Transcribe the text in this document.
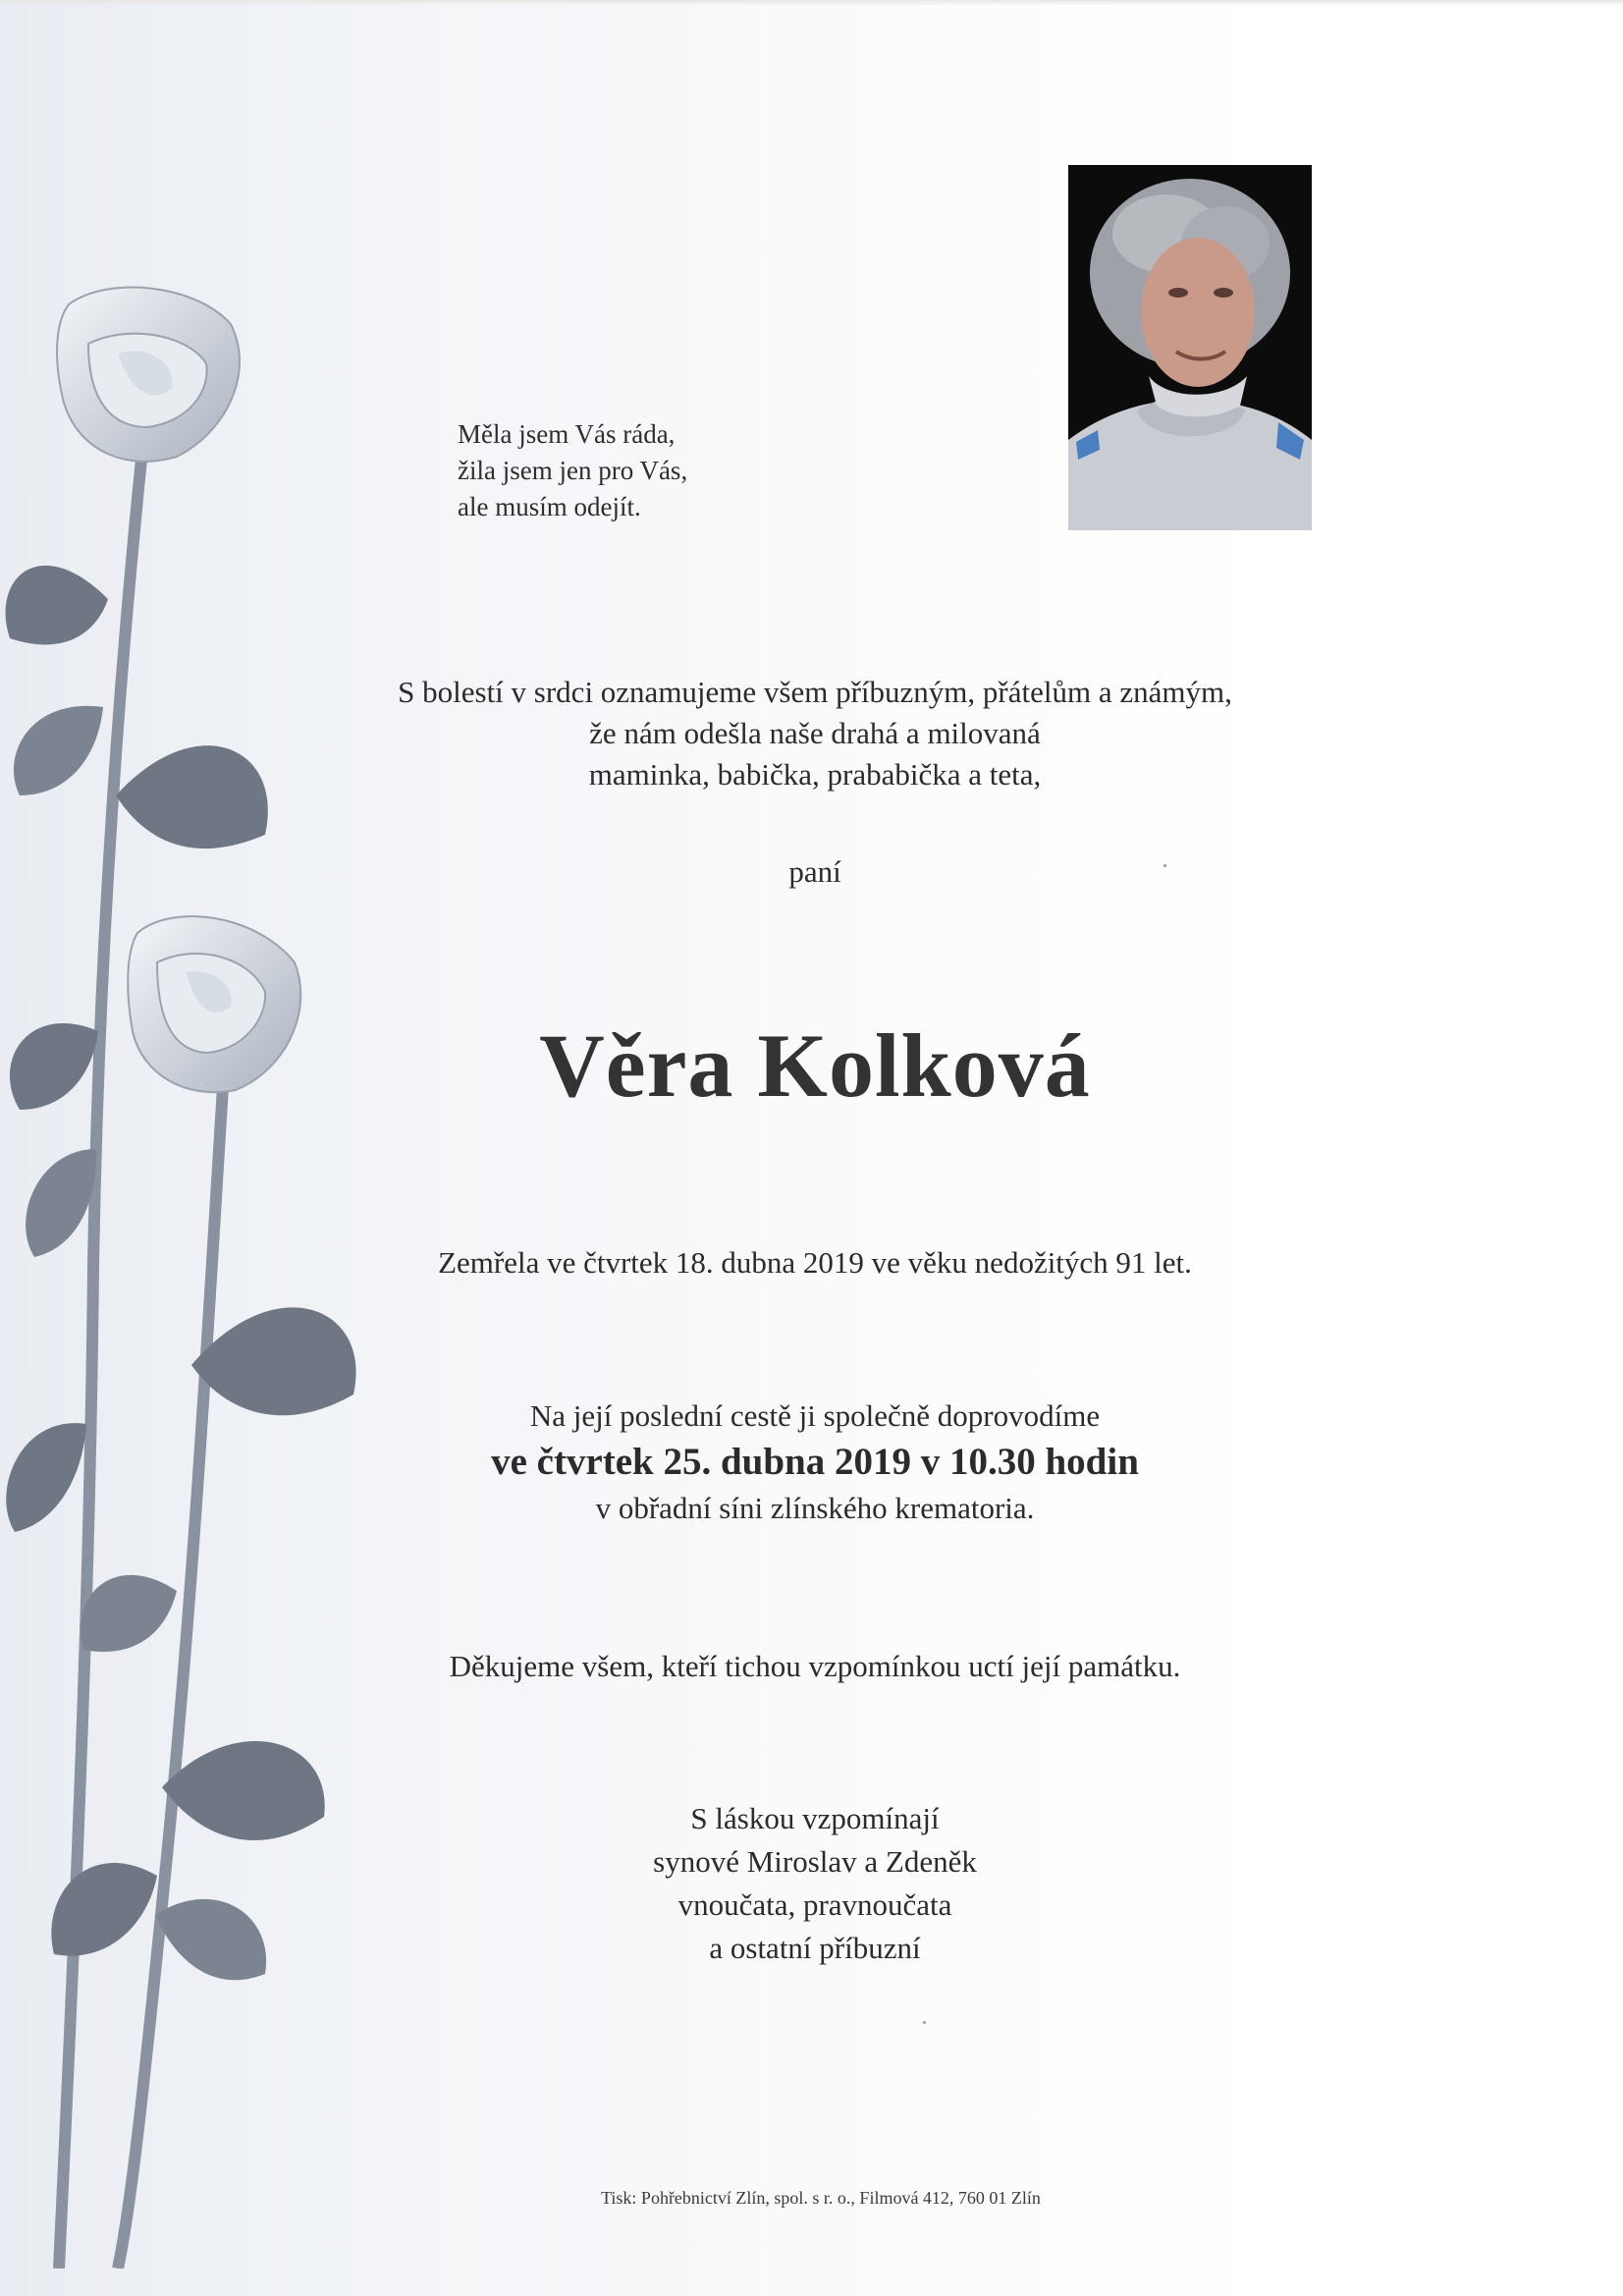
Měla jsem Vás ráda,
žila jsem jen pro Vás,
ale musím odejít.
S bolestí v srdci oznamujeme všem příbuzným, přátelům a známým,
že nám odešla naše drahá a milovaná
maminka, babička, prababička a teta,
paní
Věra Kolková
Zemřela ve čtvrtek 18. dubna 2019 ve věku nedožitých 91 let.
Na její poslední cestě ji společně doprovodíme
ve čtvrtek 25. dubna 2019 v 10.30 hodin
v obřadní síni zlínského krematoria.
Děkujeme všem, kteří tichou vzpomínkou uctí její památku.
S láskou vzpomínají
synové Miroslav a Zdeněk
vnoučata, pravnoučata
a ostatní příbuzní
Tisk: Pohřebnictví Zlín, spol. s r. o., Filmová 412, 760 01 Zlín
